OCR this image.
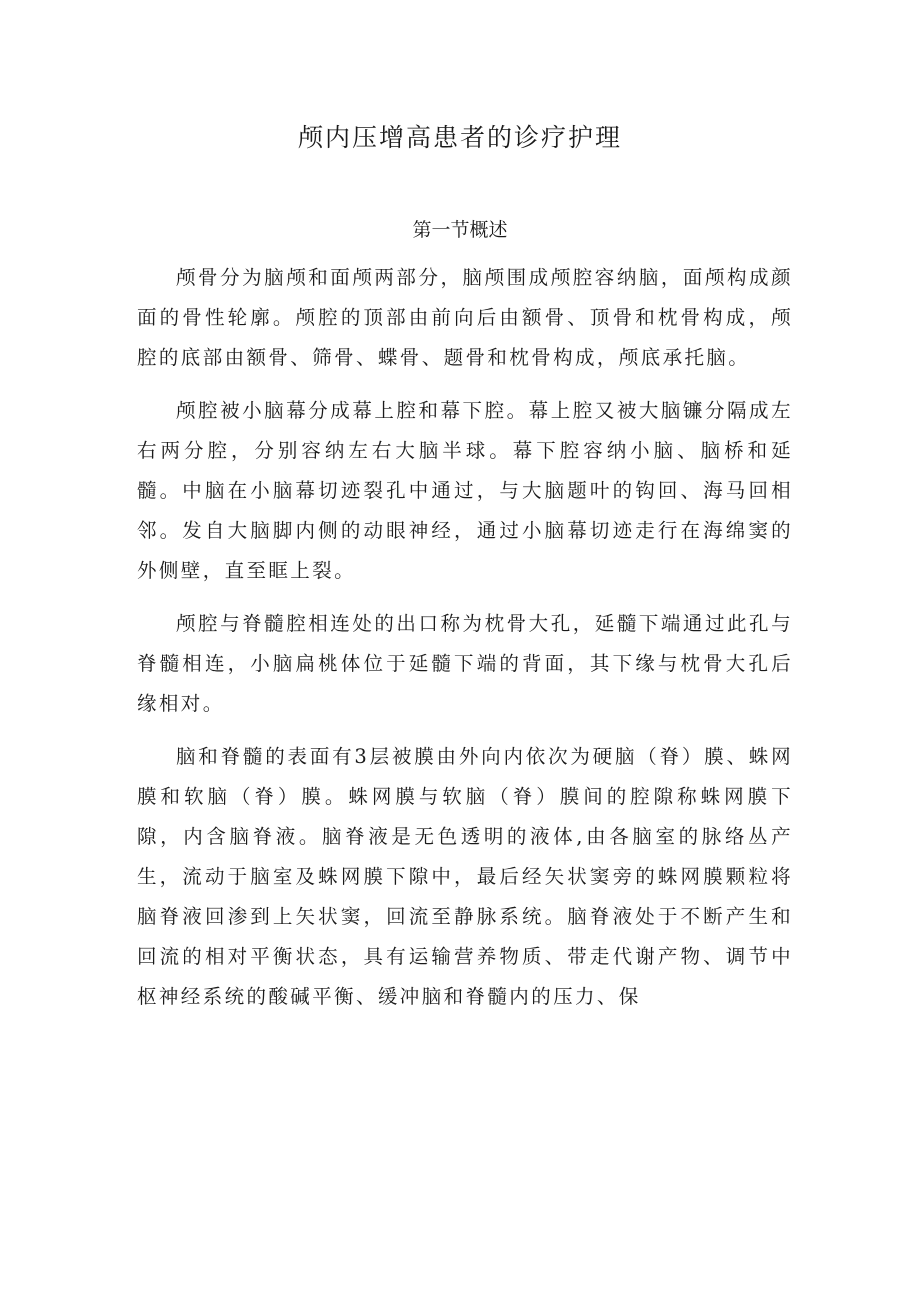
颅内压增高患者的诊疗护理
第一节概述

颅骨分为脑颅和面颅两部分，脑颅围成颅腔容纳脑，面颅构成颜面的骨性轮廓。颅腔的顶部由前向后由额骨、顶骨和枕骨构成，颅腔的底部由额骨、筛骨、蝶骨、题骨和枕骨构成，颅底承托脑。

颅腔被小脑幕分成幕上腔和幕下腔。幕上腔又被大脑镰分隔成左右两分腔，分别容纳左右大脑半球。幕下腔容纳小脑、脑桥和延髓。中脑在小脑幕切迹裂孔中通过，与大脑题叶的钩回、海马回相邻。发自大脑脚内侧的动眼神经，通过小脑幕切迹走行在海绵窦的外侧壁，直至眶上裂。

颅腔与脊髓腔相连处的出口称为枕骨大孔，延髓下端通过此孔与脊髓相连，小脑扁桃体位于延髓下端的背面，其下缘与枕骨大孔后缘相对。

脑和脊髓的表面有3层被膜由外向内依次为硬脑（脊）膜、蛛网膜和软脑（脊）膜。蛛网膜与软脑（脊）膜间的腔隙称蛛网膜下隙，内含脑脊液。脑脊液是无色透明的液体,由各脑室的脉络丛产生，流动于脑室及蛛网膜下隙中，最后经矢状窦旁的蛛网膜颗粒将脑脊液回渗到上矢状窦，回流至静脉系统。脑脊液处于不断产生和回流的相对平衡状态，具有运输营养物质、带走代谢产物、调节中枢神经系统的酸碱平衡、缓冲脑和脊髓内的压力、保
